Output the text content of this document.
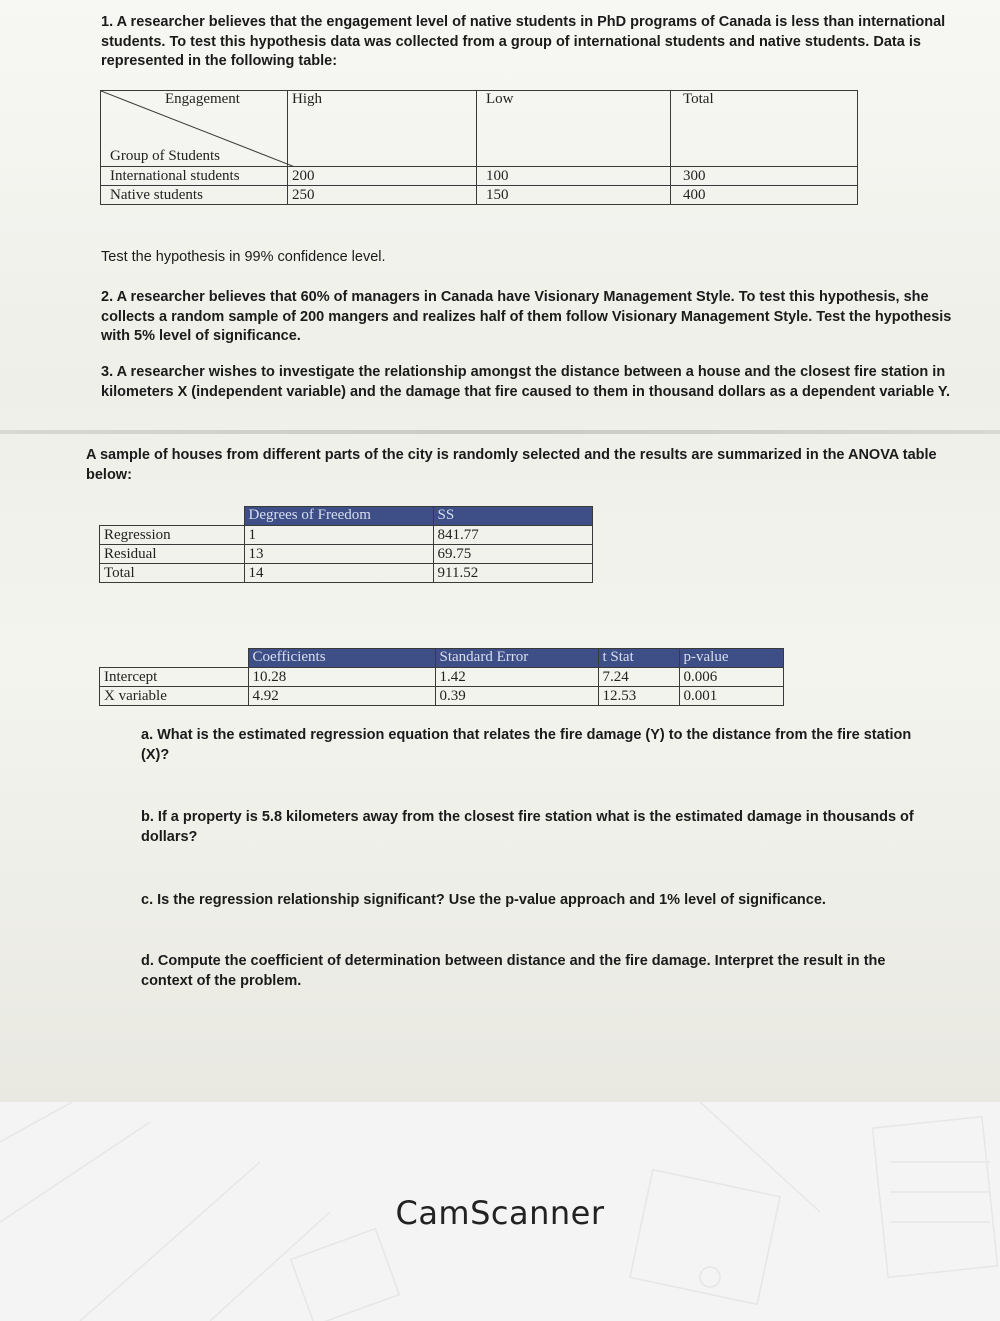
1. A researcher believes that the engagement level of native students in PhD programs of Canada is less than international

students. To test this hypothesis data was collected from a group of international students and native students. Data is

represented in the following table:

Engagement
Group of Students	High	Low	Total
International students	200	100	300
Native students	250	150	400

Test the hypothesis in 99% confidence level.

2. A researcher believes that 60% of managers in Canada have Visionary Management Style. To test this hypothesis, she

collects a random sample of 200 mangers and realizes half of them follow Visionary Management Style. Test the hypothesis

with 5% level of significance.

3. A researcher wishes to investigate the relationship amongst the distance between a house and the closest fire station in

kilometers X (independent variable) and the damage that fire caused to them in thousand dollars as a dependent variable Y.

A sample of houses from different parts of the city is randomly selected and the results are summarized in the ANOVA table

below:

	Degrees of Freedom	SS
Regression	1	841.77
Residual	13	69.75
Total	14	911.52
	Coefficients	Standard Error	t Stat	p-value
Intercept	10.28	1.42	7.24	0.006
X variable	4.92	0.39	12.53	0.001

a. What is the estimated regression equation that relates the fire damage (Y) to the distance from the fire station

(X)?

b. If a property is 5.8 kilometers away from the closest fire station what is the estimated damage in thousands of

dollars?

c. Is the regression relationship significant? Use the p-value approach and 1% level of significance.

d. Compute the coefficient of determination between distance and the fire damage. Interpret the result in the

context of the problem.

CamScanner
